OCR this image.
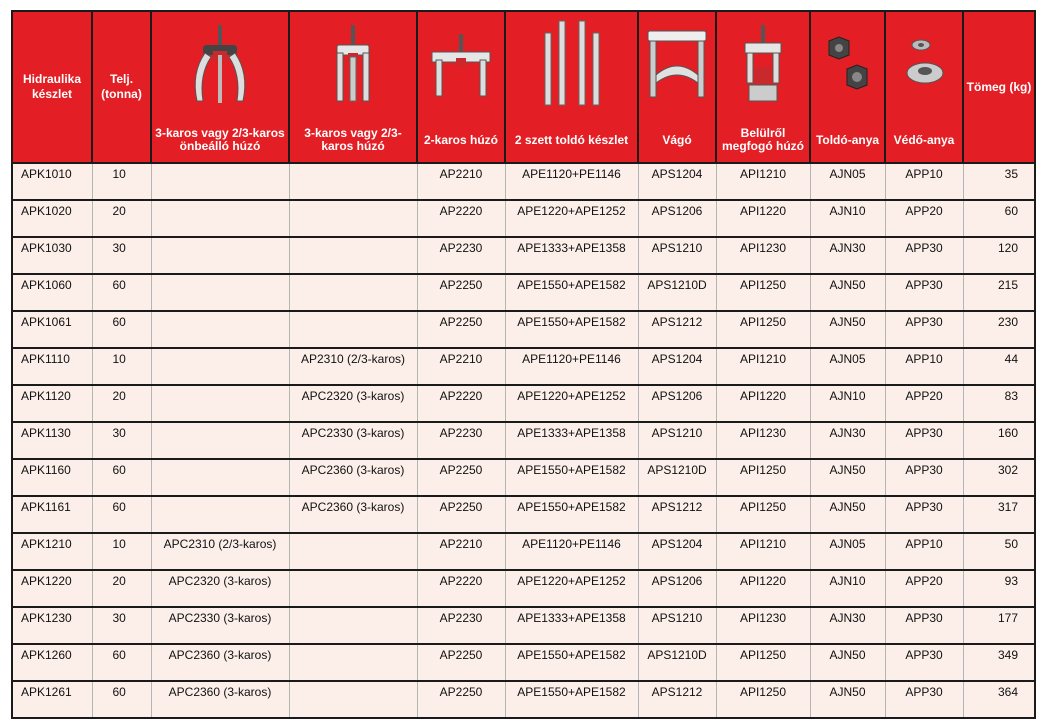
Hidraulika készlet	Telj. (tonna)	3-karos vagy 2/3-karos önbeálló húzó	3-karos vagy 2/3-karos húzó	2-karos húzó	2 szett toldó készlet	Vágó	Belülről megfogó húzó	Toldó-anya	Védő-anya	Tömeg (kg)
APK1010	10			AP2210	APE1120+PE1146	APS1204	API1210	AJN05	APP10	35
APK1020	20			AP2220	APE1220+APE1252	APS1206	API1220	AJN10	APP20	60
APK1030	30			AP2230	APE1333+APE1358	APS1210	API1230	AJN30	APP30	120
APK1060	60			AP2250	APE1550+APE1582	APS1210D	API1250	AJN50	APP30	215
APK1061	60			AP2250	APE1550+APE1582	APS1212	API1250	AJN50	APP30	230
APK1110	10		AP2310 (2/3-karos)	AP2210	APE1120+PE1146	APS1204	API1210	AJN05	APP10	44
APK1120	20		APC2320 (3-karos)	AP2220	APE1220+APE1252	APS1206	API1220	AJN10	APP20	83
APK1130	30		APC2330 (3-karos)	AP2230	APE1333+APE1358	APS1210	API1230	AJN30	APP30	160
APK1160	60		APC2360 (3-karos)	AP2250	APE1550+APE1582	APS1210D	API1250	AJN50	APP30	302
APK1161	60		APC2360 (3-karos)	AP2250	APE1550+APE1582	APS1212	API1250	AJN50	APP30	317
APK1210	10	APC2310 (2/3-karos)		AP2210	APE1120+PE1146	APS1204	API1210	AJN05	APP10	50
APK1220	20	APC2320 (3-karos)		AP2220	APE1220+APE1252	APS1206	API1220	AJN10	APP20	93
APK1230	30	APC2330 (3-karos)		AP2230	APE1333+APE1358	APS1210	API1230	AJN30	APP30	177
APK1260	60	APC2360 (3-karos)		AP2250	APE1550+APE1582	APS1210D	API1250	AJN50	APP30	349
APK1261	60	APC2360 (3-karos)		AP2250	APE1550+APE1582	APS1212	API1250	AJN50	APP30	364
